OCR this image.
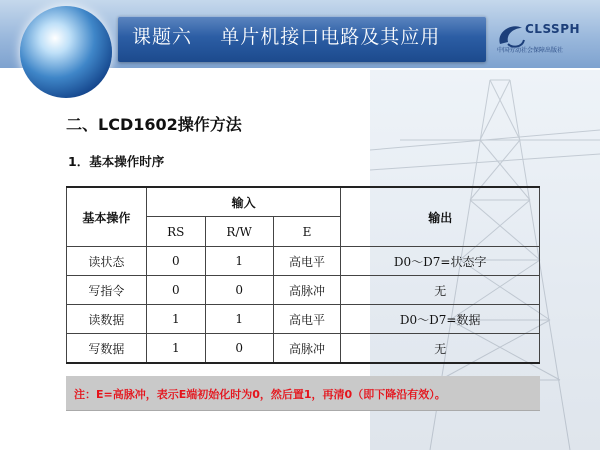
课题六 单片机接口电路及其应用	CLSSPH
中国劳动社会保障出版社
二、LCD1602操作方法
1．基本操作时序
基本操作	输入			输出
	RS	R/W	E	
读状态	0	1	高电平	D0～D7=状态字
写指令	0	0	高脉冲	无
读数据	1	1	高电平	D0～D7=数据
写数据	1	0	高脉冲	无
注：E=高脉冲，表示E端初始化时为0，然后置1，再清0（即下降沿有效）。
